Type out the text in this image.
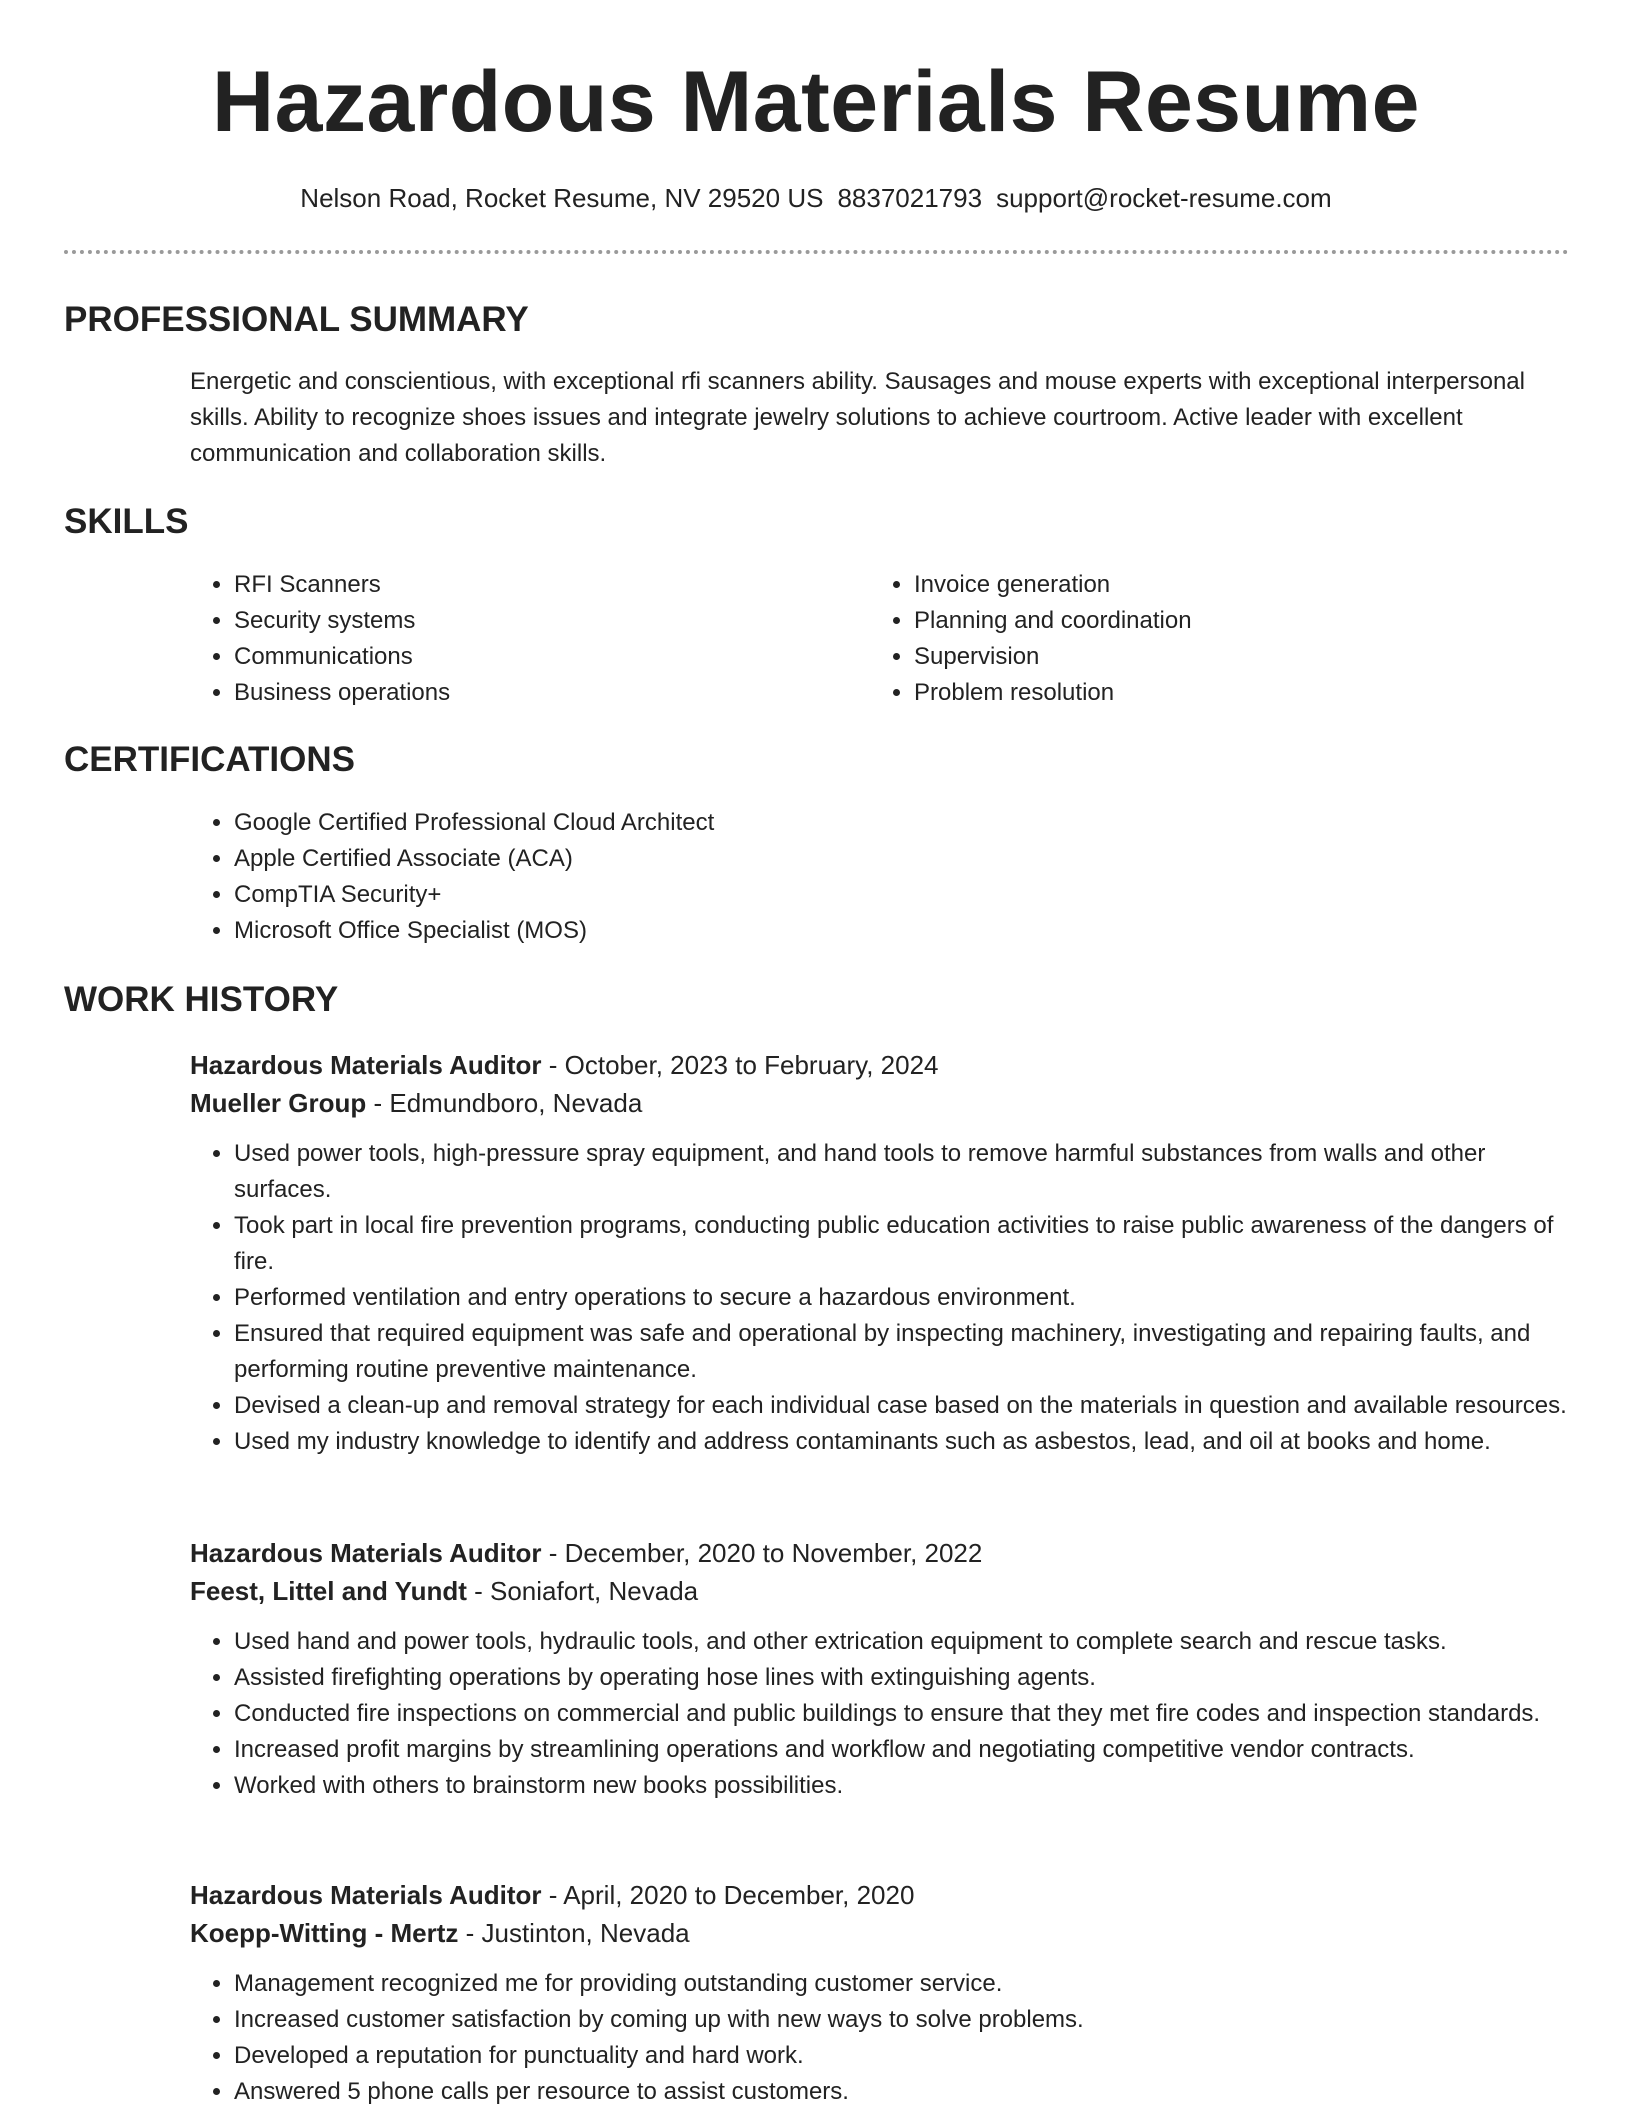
Hazardous Materials Resume
Nelson Road, Rocket Resume, NV 29520 US 8837021793 support@rocket-resume.com
PROFESSIONAL SUMMARY

Energetic and conscientious, with exceptional rfi scanners ability. Sausages and mouse experts with exceptional interpersonal skills. Ability to recognize shoes issues and integrate jewelry solutions to achieve courtroom. Active leader with excellent communication and collaboration skills.

SKILLS
• RFI Scanners
• Security systems
• Communications
• Business operations
• Invoice generation
• Planning and coordination
• Supervision
• Problem resolution
CERTIFICATIONS
• Google Certified Professional Cloud Architect
• Apple Certified Associate (ACA)
• CompTIA Security+
• Microsoft Office Specialist (MOS)
WORK HISTORY

Hazardous Materials Auditor - October, 2023 to February, 2024

Mueller Group - Edmundboro, Nevada

• Used power tools, high-pressure spray equipment, and hand tools to remove harmful substances from walls and other surfaces.
• Took part in local fire prevention programs, conducting public education activities to raise public awareness of the dangers of fire.
• Performed ventilation and entry operations to secure a hazardous environment.
• Ensured that required equipment was safe and operational by inspecting machinery, investigating and repairing faults, and performing routine preventive maintenance.
• Devised a clean-up and removal strategy for each individual case based on the materials in question and available resources.
• Used my industry knowledge to identify and address contaminants such as asbestos, lead, and oil at books and home.

Hazardous Materials Auditor - December, 2020 to November, 2022

Feest, Littel and Yundt - Soniafort, Nevada

• Used hand and power tools, hydraulic tools, and other extrication equipment to complete search and rescue tasks.
• Assisted firefighting operations by operating hose lines with extinguishing agents.
• Conducted fire inspections on commercial and public buildings to ensure that they met fire codes and inspection standards.
• Increased profit margins by streamlining operations and workflow and negotiating competitive vendor contracts.
• Worked with others to brainstorm new books possibilities.

Hazardous Materials Auditor - April, 2020 to December, 2020

Koepp-Witting - Mertz - Justinton, Nevada

• Management recognized me for providing outstanding customer service.
• Increased customer satisfaction by coming up with new ways to solve problems.
• Developed a reputation for punctuality and hard work.
• Answered 5 phone calls per resource to assist customers.
